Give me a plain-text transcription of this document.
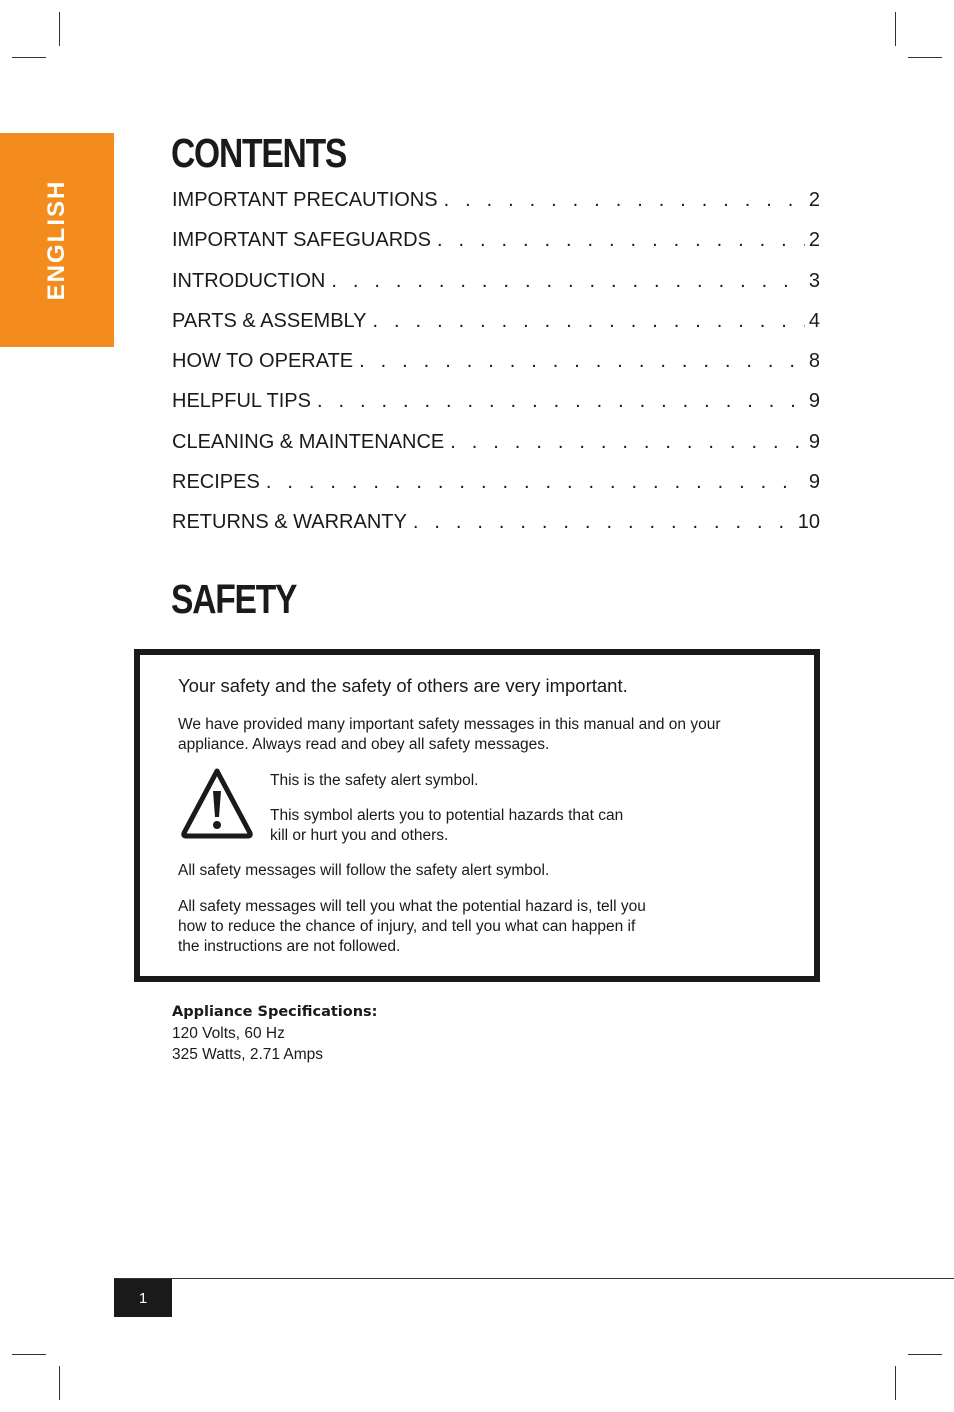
ENGLISH
CONTENTS
IMPORTANT PRECAUTIONS . . .	2
IMPORTANT SAFEGUARDS . . .	2
INTRODUCTION . . .	3
PARTS & ASSEMBLY . . .	4
HOW TO OPERATE . . .	8
HELPFUL TIPS . . .	9
CLEANING & MAINTENANCE . . .	9
RECIPES . . .	9
RETURNS & WARRANTY . . .	10
SAFETY

Your safety and the safety of others are very important.

We have provided many important safety messages in this manual and on your appliance. Always read and obey all safety messages.

This is the safety alert symbol.

This symbol alerts you to potential hazards that can kill or hurt you and others.

All safety messages will follow the safety alert symbol.

All safety messages will tell you what the potential hazard is, tell you how to reduce the chance of injury, and tell you what can happen if the instructions are not followed.

Appliance Specifications:
120 Volts, 60 Hz
325 Watts, 2.71 Amps
1
